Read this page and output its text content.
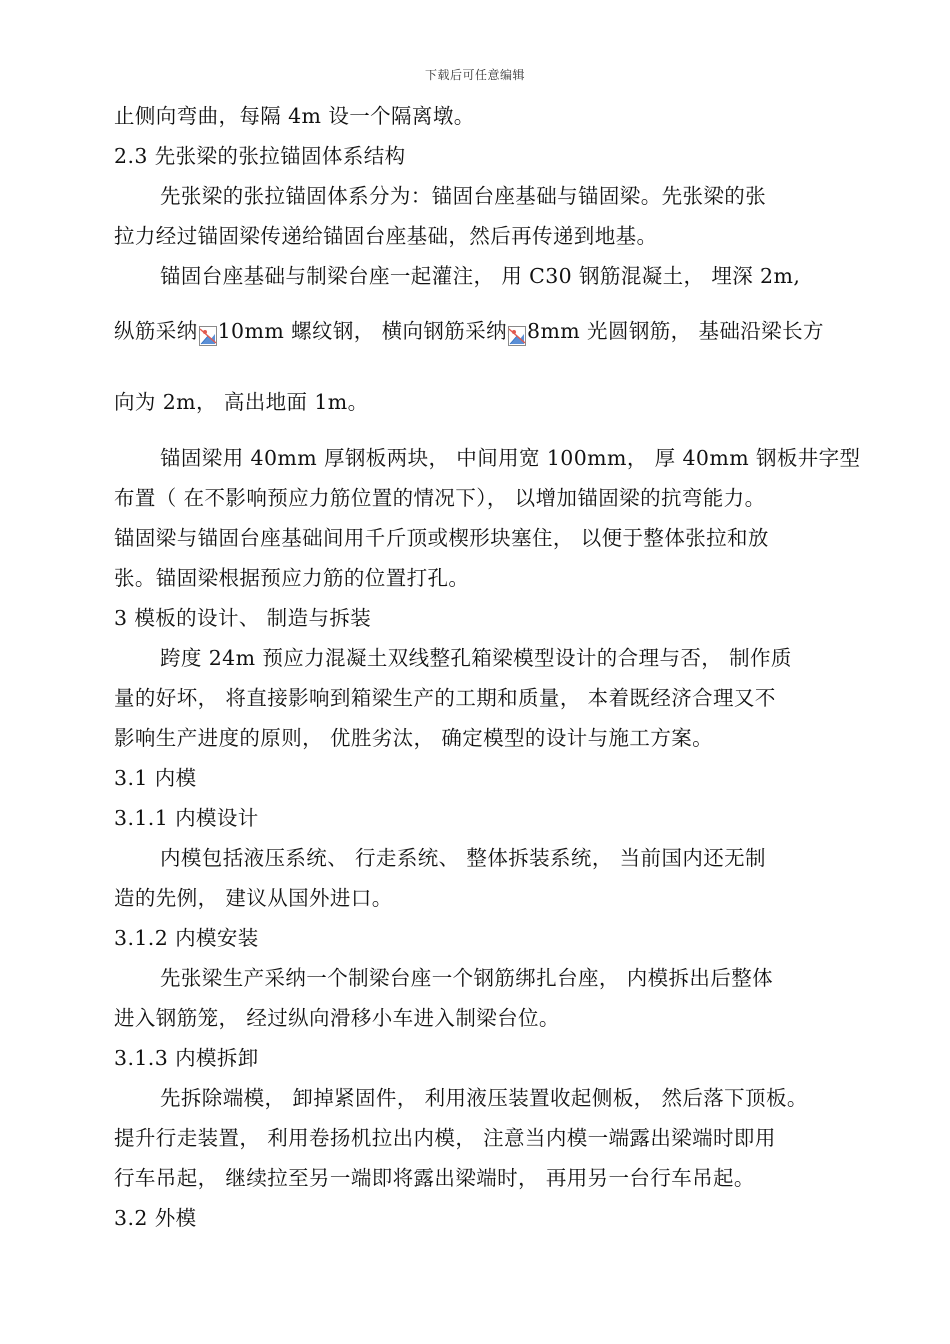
下载后可任意编辑
止侧向弯曲，每隔 4m 设一个隔离墩。
2.3 先张梁的张拉锚固体系结构
先张梁的张拉锚固体系分为：锚固台座基础与锚固梁。先张梁的张
拉力经过锚固梁传递给锚固台座基础，然后再传递到地基。
锚固台座基础与制梁台座一起灌注， 用 C30 钢筋混凝土， 埋深 2m,
纵筋采纳 10mm 螺纹钢， 横向钢筋采纳 8mm 光圆钢筋， 基础沿梁长方
向为 2m， 高出地面 1m。
锚固梁用 40mm 厚钢板两块， 中间用宽 100mm， 厚 40mm 钢板井字型
布置（ 在不影响预应力筋位置的情况下）， 以增加锚固梁的抗弯能力。
锚固梁与锚固台座基础间用千斤顶或楔形块塞住， 以便于整体张拉和放
张。锚固梁根据预应力筋的位置打孔。
3 模板的设计、 制造与拆装
跨度 24m 预应力混凝土双线整孔箱梁模型设计的合理与否， 制作质
量的好坏， 将直接影响到箱梁生产的工期和质量， 本着既经济合理又不
影响生产进度的原则， 优胜劣汰， 确定模型的设计与施工方案。
3.1 内模
3.1.1 内模设计
内模包括液压系统、 行走系统、 整体拆装系统， 当前国内还无制
造的先例， 建议从国外进口。
3.1.2 内模安装
先张梁生产采纳一个制梁台座一个钢筋绑扎台座， 内模拆出后整体
进入钢筋笼， 经过纵向滑移小车进入制梁台位。
3.1.3 内模拆卸
先拆除端模， 卸掉紧固件， 利用液压装置收起侧板， 然后落下顶板。
提升行走装置， 利用卷扬机拉出内模， 注意当内模一端露出梁端时即用
行车吊起， 继续拉至另一端即将露出梁端时， 再用另一台行车吊起。
3.2 外模
